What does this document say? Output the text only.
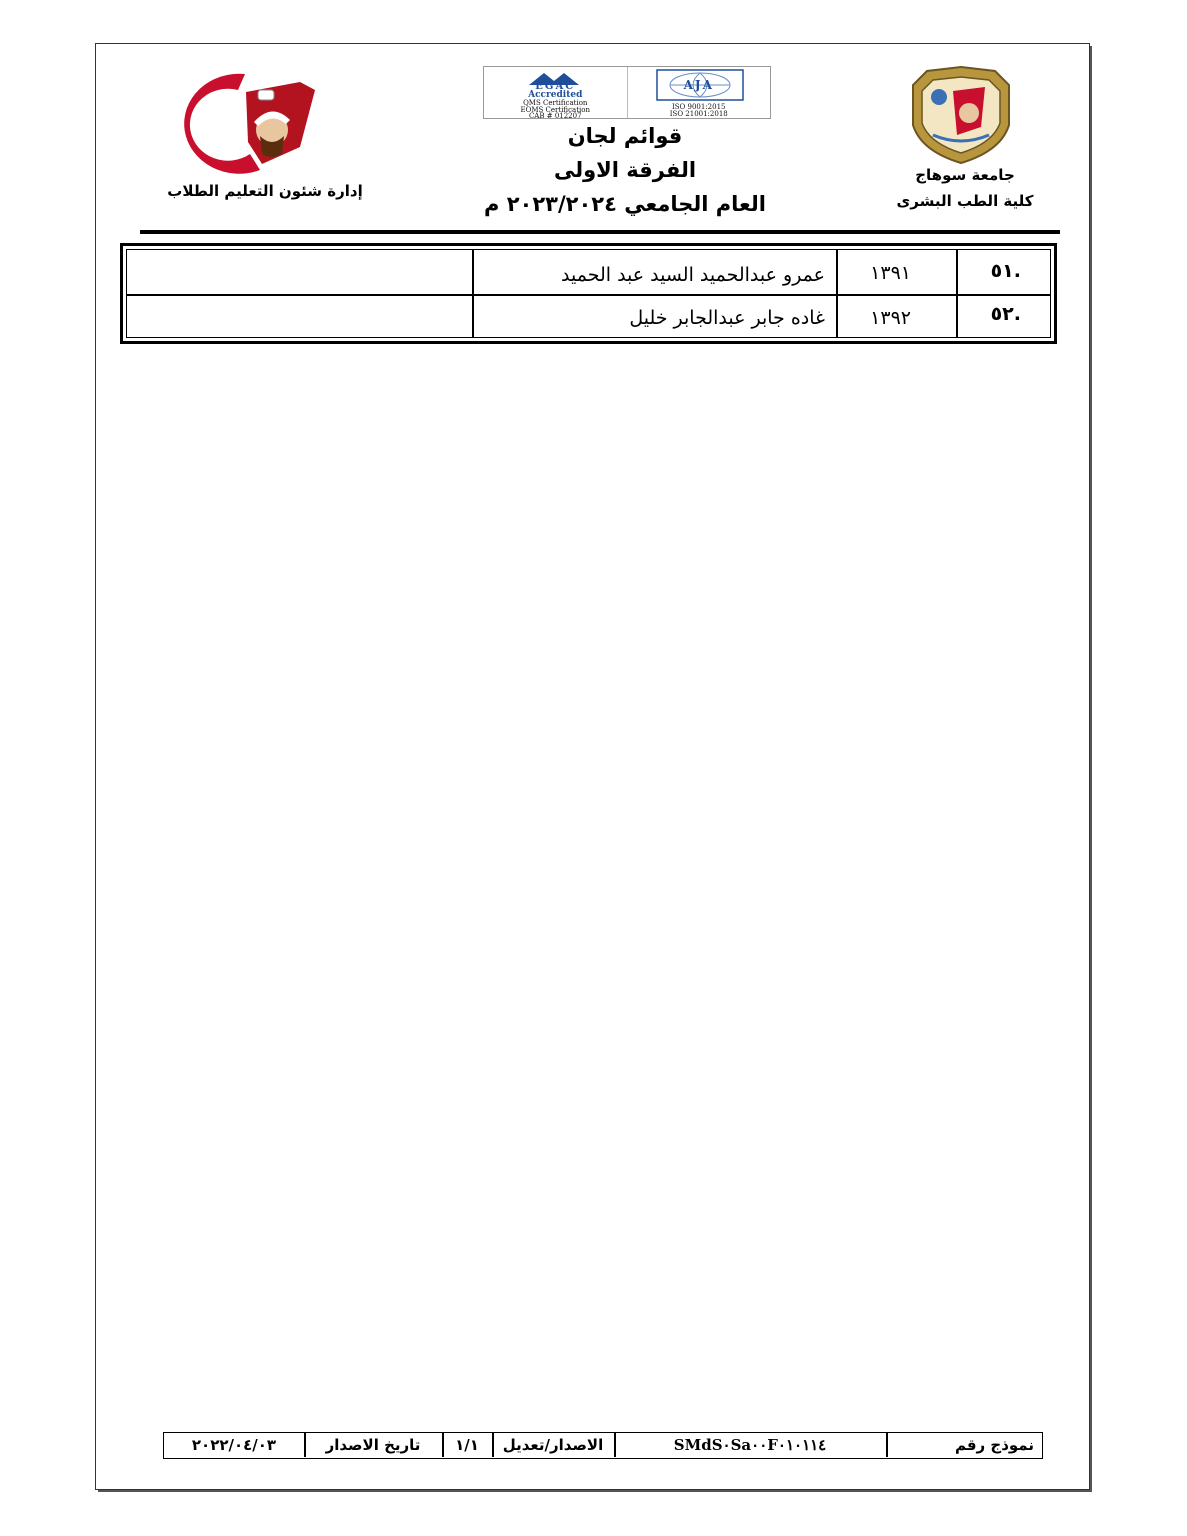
إدارة شئون التعليم الطلاب
EGAC
Accredited
QMS Certification
EOMS Certification
CAB # 012207
AJA
ISO 9001:2015
ISO 21001:2018
قوائم لجان
الفرقة الاولى
العام الجامعي ٢٠٢٣/٢٠٢٤ م
جامعة سوهاج
كلية الطب البشرى
.٥١
١٣٩١
عمرو عبدالحميد السيد عبد الحميد
.٥٢
١٣٩٢
غاده جابر عبدالجابر خليل
نموذج رقم
SMdS٠Sa٠٠F٠١٠١١٤
الاصدار/تعديل
١/١
تاريخ الاصدار
٢٠٢٢/٠٤/٠٣
